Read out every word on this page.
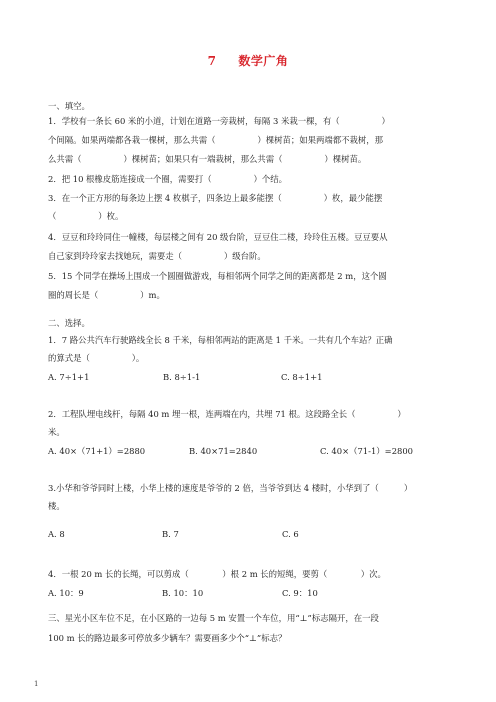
7 数学广角
一、填空。
1．学校有一条长 60 米的小道，计划在道路一旁栽树，每隔 3 米栽一棵，有（　　　　　）
个间隔。如果两端都各栽一棵树，那么共需（　　　　　）棵树苗；如果两端都不栽树，那
么共需（　　　　　）棵树苗；如果只有一端栽树，那么共需（　　　　　）棵树苗。
2．把 10 根橡皮筋连接成一个圈，需要打（　　　　　）个结。
3．在一个正方形的每条边上摆 4 枚棋子，四条边上最多能摆（　　　　　）枚，最少能摆
（　　　　　）枚。
4．豆豆和玲玲同住一幢楼，每层楼之间有 20 级台阶，豆豆住二楼，玲玲住五楼。豆豆要从
自己家到玲玲家去找她玩，需要走（　　　　　）级台阶。
5．15 个同学在操场上围成一个圆圈做游戏，每相邻两个同学之间的距离都是 2 m，这个圆
圈的周长是（　　　　　）m。
二、选择。
1．7 路公共汽车行驶路线全长 8 千米，每相邻两站的距离是 1 千米。一共有几个车站？正确
的算式是（　　　　　）。
A. 7÷1+1	B. 8÷1-1	C. 8÷1+1
2．工程队埋电线杆，每隔 40 m 埋一根，连两端在内，共埋 71 根。这段路全长（　　　　　）
米。
A. 40×（71+1）=2880	B. 40×71=2840	C. 40×（71-1）=2800
3.小华和爷爷同时上楼，小华上楼的速度是爷爷的 2 倍，当爷爷到达 4 楼时，小华到了（　　　）
楼。
A. 8	B. 7	C. 6
4．一根 20 m 长的长绳，可以剪成（　　　　）根 2 m 长的短绳，要剪（　　　　）次。
A. 10：9	B. 10：10	C. 9：10
三、星光小区车位不足，在小区路的一边每 5 m 安置一个车位，用“⊥”标志隔开，在一段
100 m 长的路边最多可停放多少辆车？需要画多少个“⊥”标志？
1
